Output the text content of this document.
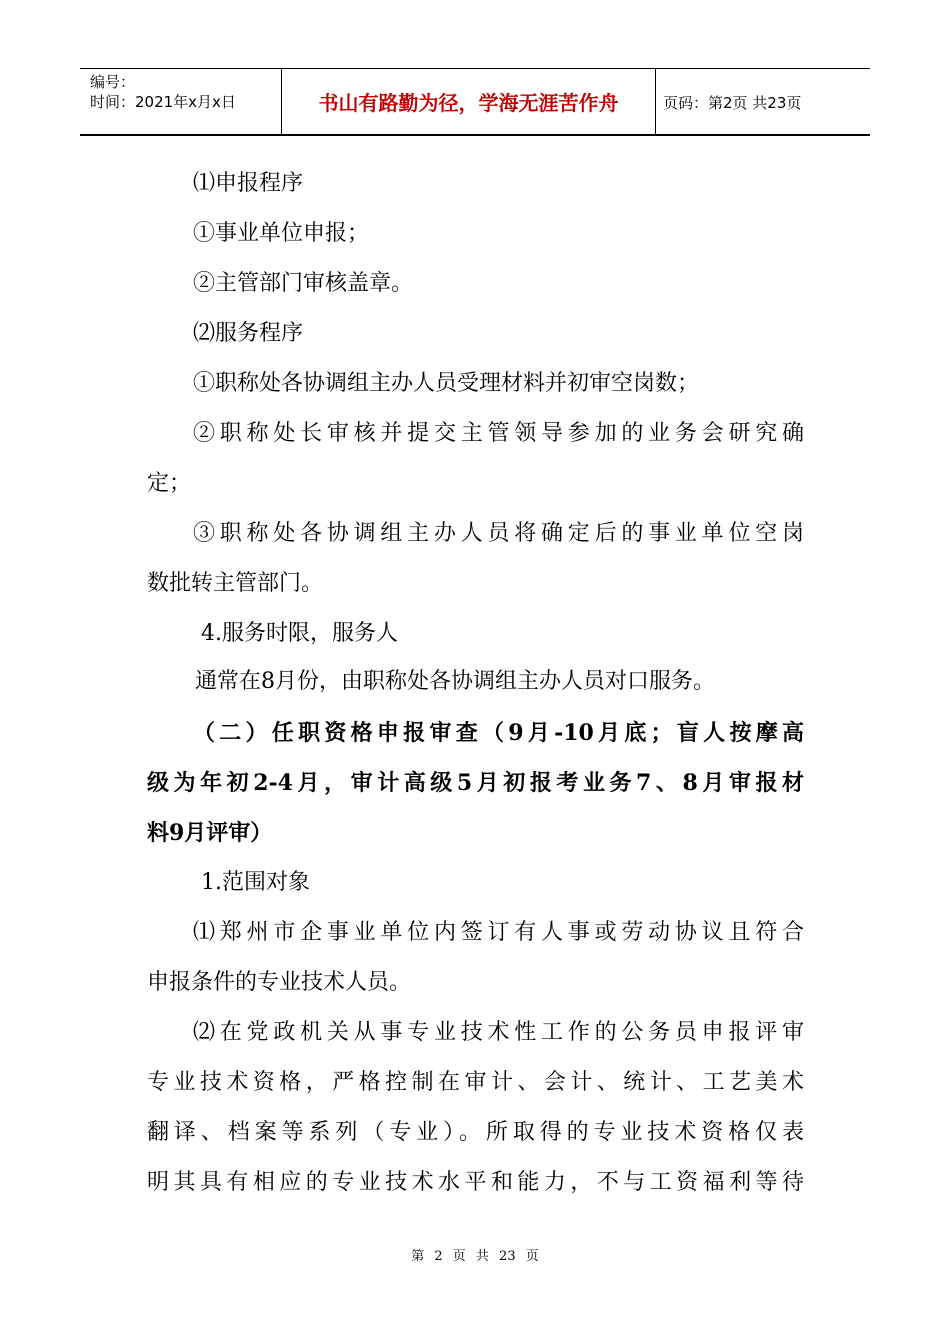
编号：
时间：2021年x月x日	书山有路勤为径，学海无涯苦作舟	页码：第2页 共23页
⑴申报程序
①事业单位申报；
②主管部门审核盖章。
⑵服务程序
①职称处各协调组主办人员受理材料并初审空岗数；
②职称处长审核并提交主管领导参加的业务会研究确
定；
③职称处各协调组主办人员将确定后的事业单位空岗
数批转主管部门。
4.服务时限，服务人
通常在8月份，由职称处各协调组主办人员对口服务。
（二）任职资格申报审查（9月-10月底；盲人按摩高
级为年初2-4月，审计高级5月初报考业务7、8月审报材
料9月评审）
1.范围对象
⑴郑州市企事业单位内签订有人事或劳动协议且符合
申报条件的专业技术人员。
⑵在党政机关从事专业技术性工作的公务员申报评审
专业技术资格，严格控制在审计、会计、统计、工艺美术
翻译、档案等系列（专业）。所取得的专业技术资格仅表
明其具有相应的专业技术水平和能力，不与工资福利等待
第 2 页 共 23 页
